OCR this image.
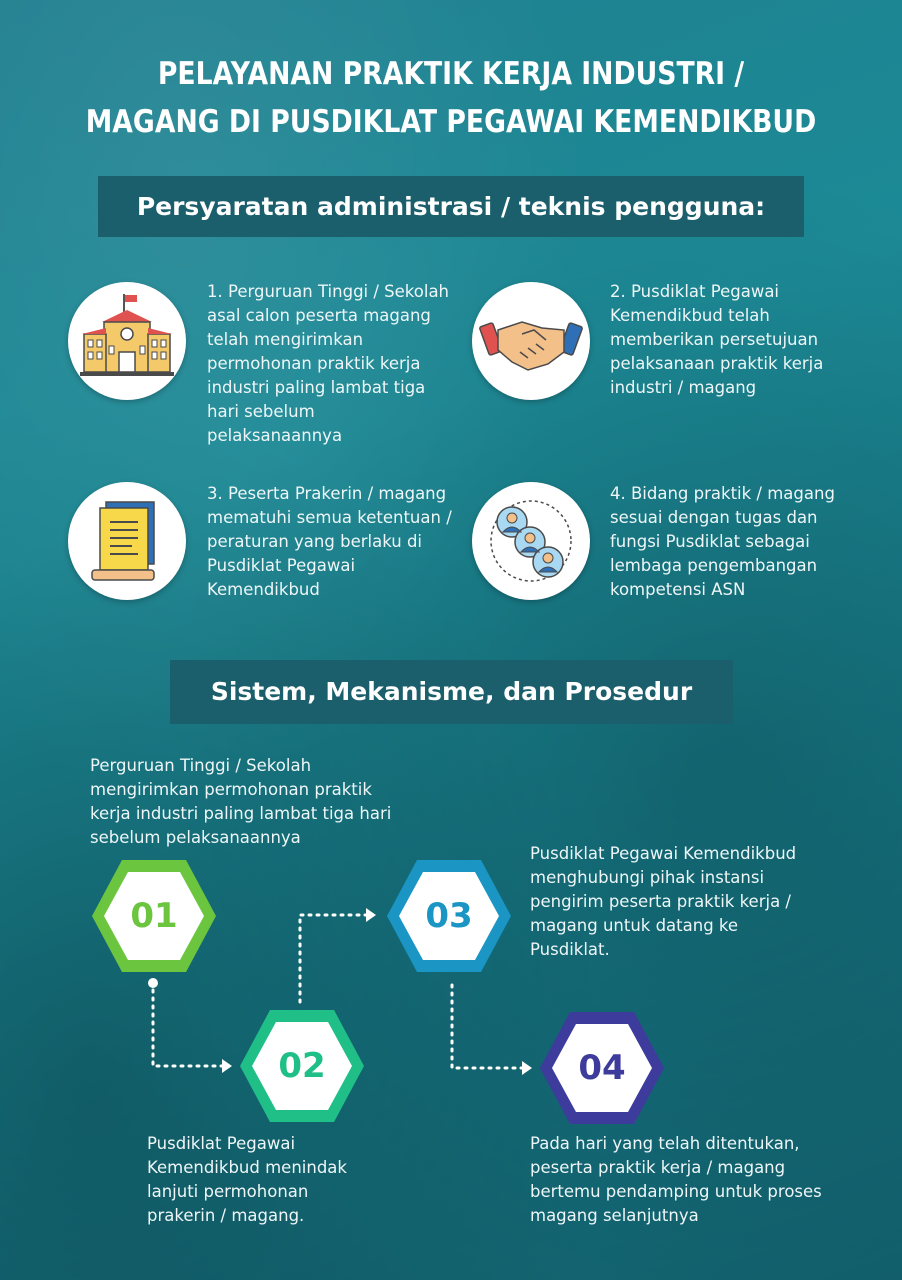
PELAYANAN PRAKTIK KERJA INDUSTRI /
MAGANG DI PUSDIKLAT PEGAWAI KEMENDIKBUD
Persyaratan administrasi / teknis pengguna:
1. Perguruan Tinggi / Sekolah asal calon peserta magang telah mengirimkan permohonan praktik kerja industri paling lambat tiga hari sebelum pelaksanaannya
2. Pusdiklat Pegawai Kemendikbud telah memberikan persetujuan pelaksanaan praktik kerja industri / magang
3. Peserta Prakerin / magang mematuhi semua ketentuan / peraturan yang berlaku di Pusdiklat Pegawai Kemendikbud
4. Bidang praktik / magang sesuai dengan tugas dan fungsi Pusdiklat sebagai lembaga pengembangan kompetensi ASN
Sistem, Mekanisme, dan Prosedur
01
Perguruan Tinggi / Sekolah mengirimkan permohonan praktik kerja industri paling lambat tiga hari sebelum pelaksanaannya
02
Pusdiklat Pegawai Kemendikbud menindak lanjuti permohonan prakerin / magang.
03
Pusdiklat Pegawai Kemendikbud menghubungi pihak instansi pengirim peserta praktik kerja / magang untuk datang ke Pusdiklat.
04
Pada hari yang telah ditentukan, peserta praktik kerja / magang bertemu pendamping untuk proses magang selanjutnya
